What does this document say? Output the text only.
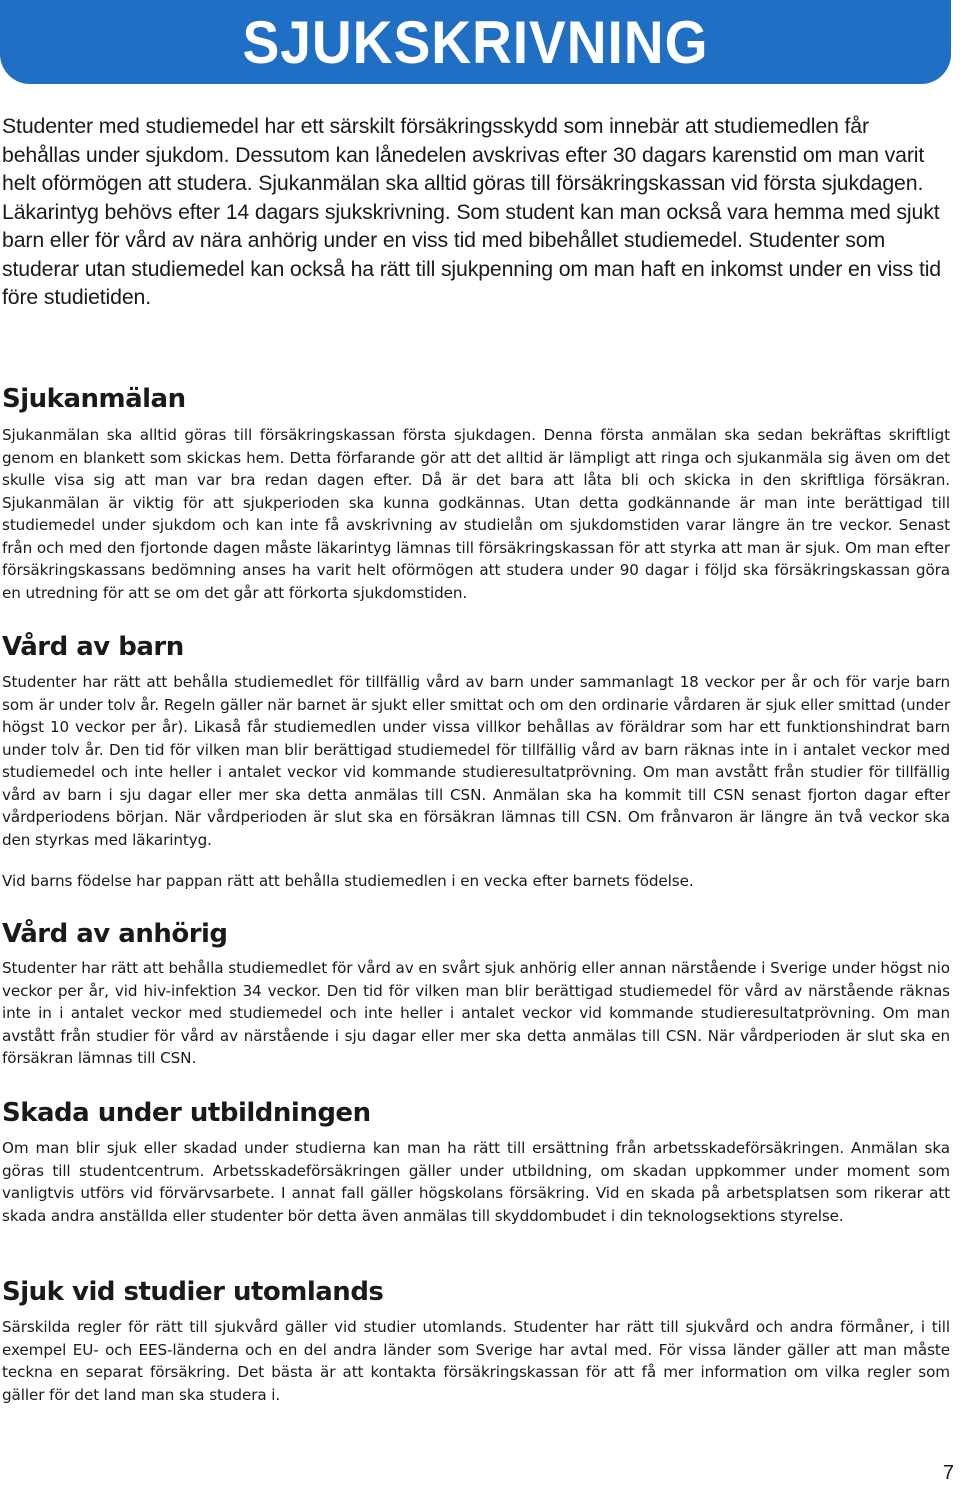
SJUKSKRIVNING

Studenter med studiemedel har ett särskilt försäkringsskydd som innebär att studiemedlen får behållas under sjukdom. Dessutom kan lånedelen avskrivas efter 30 dagars karenstid om man varit helt oförmögen att studera. Sjukanmälan ska alltid göras till försäkringskassan vid första sjukdagen. Läkarintyg behövs efter 14 dagars sjukskrivning. Som student kan man också vara hemma med sjukt barn eller för vård av nära anhörig under en viss tid med bibehållet studiemedel. Studenter som studerar utan studiemedel kan också ha rätt till sjukpenning om man haft en inkomst under en viss tid före studietiden.

Sjukanmälan

Sjukanmälan ska alltid göras till försäkringskassan första sjukdagen. Denna första anmälan ska sedan bekräftas skriftligt genom en blankett som skickas hem. Detta förfarande gör att det alltid är lämpligt att ringa och sjukanmäla sig även om det skulle visa sig att man var bra redan dagen efter. Då är det bara att låta bli och skicka in den skriftliga försäkran. Sjukanmälan är viktig för att sjukperioden ska kunna godkännas. Utan detta godkännande är man inte berättigad till studiemedel under sjukdom och kan inte få avskrivning av studielån om sjukdomstiden varar längre än tre veckor. Senast från och med den fjortonde dagen måste läkarintyg lämnas till försäkringskassan för att styrka att man är sjuk. Om man efter försäkringskassans bedömning anses ha varit helt oförmögen att studera under 90 dagar i följd ska försäkringskassan göra en utredning för att se om det går att förkorta sjukdomstiden.

Vård av barn

Studenter har rätt att behålla studiemedlet för tillfällig vård av barn under sammanlagt 18 veckor per år och för varje barn som är under tolv år. Regeln gäller när barnet är sjukt eller smittat och om den ordinarie vårdaren är sjuk eller smittad (under högst 10 veckor per år). Likaså får studiemedlen under vissa villkor behållas av föräldrar som har ett funktionshindrat barn under tolv år. Den tid för vilken man blir berättigad studiemedel för tillfällig vård av barn räknas inte in i antalet veckor med studiemedel och inte heller i antalet veckor vid kommande studieresultatprövning. Om man avstått från studier för tillfällig vård av barn i sju dagar eller mer ska detta anmälas till CSN. Anmälan ska ha kommit till CSN senast fjorton dagar efter vårdperiodens början. När vårdperioden är slut ska en försäkran lämnas till CSN. Om frånvaron är längre än två veckor ska den styrkas med läkarintyg.

Vid barns födelse har pappan rätt att behålla studiemedlen i en vecka efter barnets födelse.

Vård av anhörig

Studenter har rätt att behålla studiemedlet för vård av en svårt sjuk anhörig eller annan närstående i Sverige under högst nio veckor per år, vid hiv-infektion 34 veckor. Den tid för vilken man blir berättigad studiemedel för vård av närstående räknas inte in i antalet veckor med studiemedel och inte heller i antalet veckor vid kommande studieresultatprövning. Om man avstått från studier för vård av närstående i sju dagar eller mer ska detta anmälas till CSN. När vårdperioden är slut ska en försäkran lämnas till CSN.

Skada under utbildningen

Om man blir sjuk eller skadad under studierna kan man ha rätt till ersättning från arbetsskadeförsäkringen. Anmälan ska göras till studentcentrum. Arbetsskadeförsäkringen gäller under utbildning, om skadan uppkommer under moment som vanligtvis utförs vid förvärvsarbete. I annat fall gäller högskolans försäkring. Vid en skada på arbetsplatsen som rikerar att skada andra anställda eller studenter bör detta även anmälas till skyddombudet i din teknologsektions styrelse.

Sjuk vid studier utomlands

Särskilda regler för rätt till sjukvård gäller vid studier utomlands. Studenter har rätt till sjukvård och andra förmåner, i till exempel EU- och EES-länderna och en del andra länder som Sverige har avtal med. För vissa länder gäller att man måste teckna en separat försäkring. Det bästa är att kontakta försäkringskassan för att få mer information om vilka regler som gäller för det land man ska studera i.

7
